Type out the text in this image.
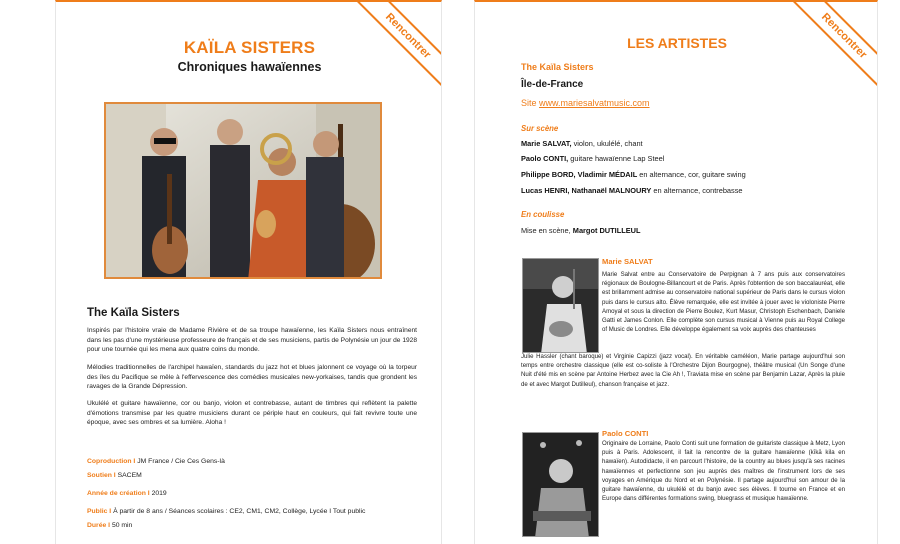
Rencontrer
KAÏLA SISTERS
Chroniques hawaïennes
The Kaïla Sisters

Inspirés par l'histoire vraie de Madame Rivière et de sa troupe hawaïenne, les Kaïla Sisters nous entraînent dans les pas d'une mystérieuse professeure de français et de ses musiciens, partis de Polynésie un jour de 1928 pour une tournée qui les mena aux quatre coins du monde.

Mélodies traditionnelles de l'archipel hawaïen, standards du jazz hot et blues jalonnent ce voyage où la torpeur des îles du Pacifique se mêle à l'effervescence des comédies musicales new-yorkaises, tandis que grondent les ravages de la Grande Dépression.

Ukulélé et guitare hawaïenne, cor ou banjo, violon et contrebasse, autant de timbres qui reflètent la palette d'émotions transmise par les quatre musiciens durant ce périple haut en couleurs, qui fait revivre toute une époque, avec ses ombres et sa lumière. Aloha !

Coproduction I JM France / Cie Ces Gens-là
Soutien I SACEM
Année de création I 2019
Public I À partir de 8 ans / Séances scolaires : CE2, CM1, CM2, Collège, Lycée I Tout public
Durée I 50 min
Rencontrer
LES ARTISTES
The Kaïla Sisters
Île-de-France
Site www.mariesalvatmusic.com
Sur scène
Marie SALVAT, violon, ukulélé, chant
Paolo CONTI, guitare hawaïenne Lap Steel
Philippe BORD, Vladimir MÉDAIL en alternance, cor, guitare swing
Lucas HENRI, Nathanaël MALNOURY en alternance, contrebasse
En coulisse
Mise en scène, Margot DUTILLEUL
Marie SALVAT

Marie Salvat entre au Conservatoire de Perpignan à 7 ans puis aux conservatoires régionaux de Boulogne-Billancourt et de Paris. Après l'obtention de son baccalauréat, elle est brillamment admise au conservatoire national supérieur de Paris dans le cursus violon puis dans le cursus alto. Élève remarquée, elle est invitée à jouer avec le violoniste Pierre Amoyal et sous la direction de Pierre Boulez, Kurt Masur, Christoph Eschenbach, Daniele Gatti et James Conlon. Elle complète son cursus musical à Vienne puis au Royal College of Music de Londres. Elle développe également sa voix auprès des chanteuses

Julie Hassler (chant baroque) et Virginie Capizzi (jazz vocal). En véritable caméléon, Marie partage aujourd'hui son temps entre orchestre classique (elle est co-soliste à l'Orchestre Dijon Bourgogne), théâtre musical (Un Songe d'une Nuit d'été mis en scène par Antoine Herbez avec la Cie Ah !, Traviata mise en scène par Benjamin Lazar, Après la pluie de et avec Margot Dutilleul), chanson française et jazz.

Paolo CONTI

Originaire de Lorraine, Paolo Conti suit une formation de guitariste classique à Metz, Lyon puis à Paris. Adolescent, il fait la rencontre de la guitare hawaïenne (kīkā kila en hawaïen). Autodidacte, il en parcourt l'histoire, de la country au blues jusqu'à ses racines hawaïennes et perfectionne son jeu auprès des maîtres de l'instrument lors de ses voyages en Amérique du Nord et en Polynésie. Il partage aujourd'hui son amour de la guitare hawaïenne, du ukulélé et du banjo avec ses élèves. Il tourne en France et en Europe dans différentes formations swing, bluegrass et musique hawaïenne.
